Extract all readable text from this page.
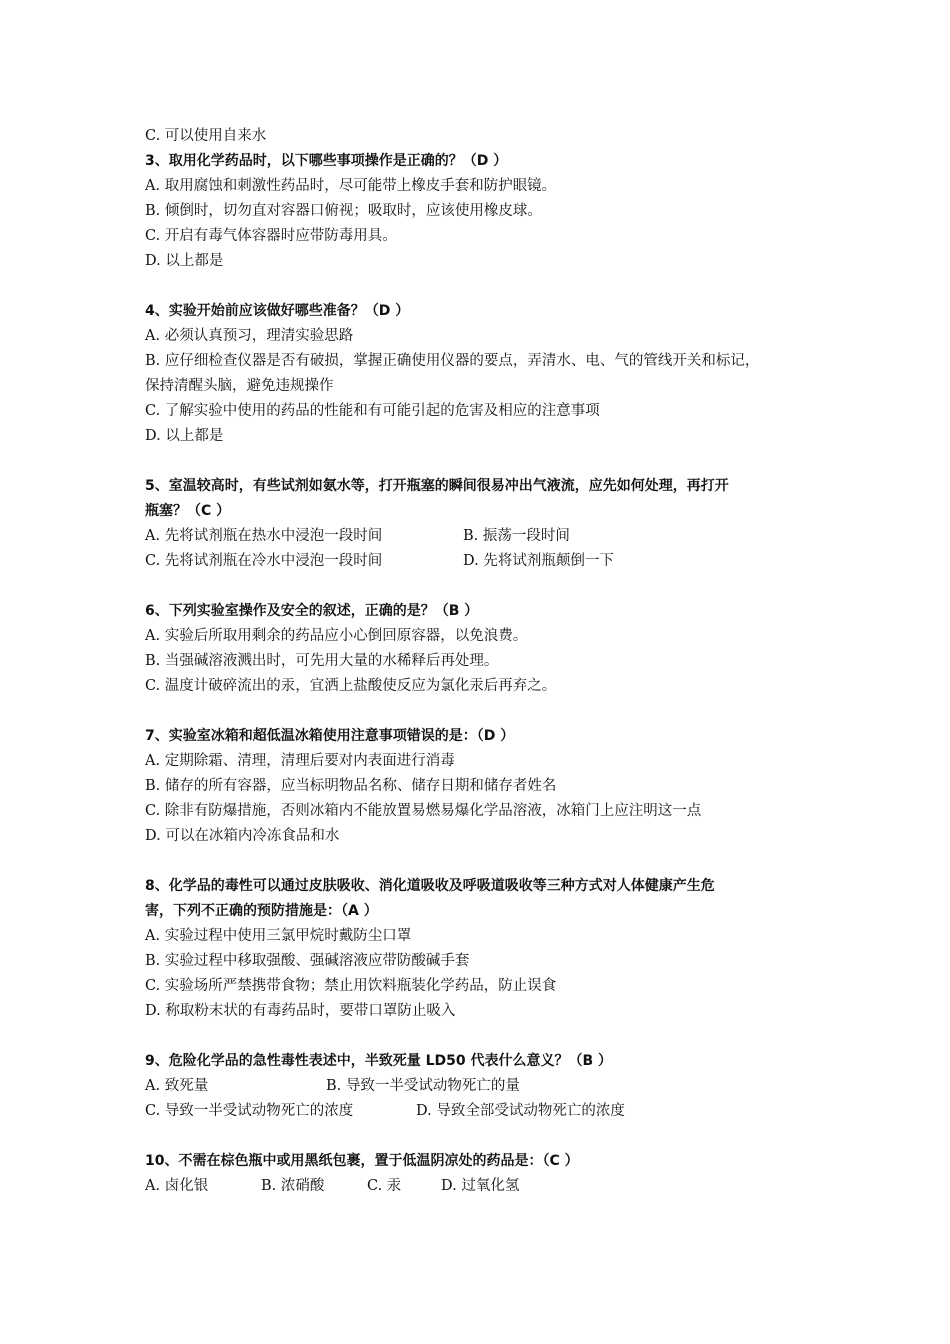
C. 可以使用自来水
3、取用化学药品时，以下哪些事项操作是正确的？（D ）
A. 取用腐蚀和刺激性药品时，尽可能带上橡皮手套和防护眼镜。
B. 倾倒时，切勿直对容器口俯视；吸取时，应该使用橡皮球。
C. 开启有毒气体容器时应带防毒用具。
D. 以上都是
4、实验开始前应该做好哪些准备？（D ）
A. 必须认真预习，理清实验思路
B. 应仔细检查仪器是否有破损，掌握正确使用仪器的要点，弄清水、电、气的管线开关和标记，
保持清醒头脑，避免违规操作
C. 了解实验中使用的药品的性能和有可能引起的危害及相应的注意事项
D. 以上都是
5、室温较高时，有些试剂如氨水等，打开瓶塞的瞬间很易冲出气液流，应先如何处理，再打开
瓶塞？（C ）
A. 先将试剂瓶在热水中浸泡一段时间	B. 振荡一段时间
C. 先将试剂瓶在冷水中浸泡一段时间	D. 先将试剂瓶颠倒一下
6、下列实验室操作及安全的叙述，正确的是？（B ）
A. 实验后所取用剩余的药品应小心倒回原容器，以免浪费。
B. 当强碱溶液溅出时，可先用大量的水稀释后再处理。
C. 温度计破碎流出的汞，宜洒上盐酸使反应为氯化汞后再弃之。
7、实验室冰箱和超低温冰箱使用注意事项错误的是：（D ）
A. 定期除霜、清理，清理后要对内表面进行消毒
B. 储存的所有容器，应当标明物品名称、储存日期和储存者姓名
C. 除非有防爆措施，否则冰箱内不能放置易燃易爆化学品溶液，冰箱门上应注明这一点
D. 可以在冰箱内冷冻食品和水
8、化学品的毒性可以通过皮肤吸收、消化道吸收及呼吸道吸收等三种方式对人体健康产生危
害，下列不正确的预防措施是：（A ）
A. 实验过程中使用三氯甲烷时戴防尘口罩
B. 实验过程中移取强酸、强碱溶液应带防酸碱手套
C. 实验场所严禁携带食物；禁止用饮料瓶装化学药品，防止误食
D. 称取粉末状的有毒药品时，要带口罩防止吸入
9、危险化学品的急性毒性表述中，半致死量 LD50 代表什么意义？（B ）
A. 致死量	B. 导致一半受试动物死亡的量
C. 导致一半受试动物死亡的浓度	D. 导致全部受试动物死亡的浓度
10、不需在棕色瓶中或用黑纸包裹，置于低温阴凉处的药品是：（C ）
A. 卤化银	B. 浓硝酸	C. 汞	D. 过氧化氢
